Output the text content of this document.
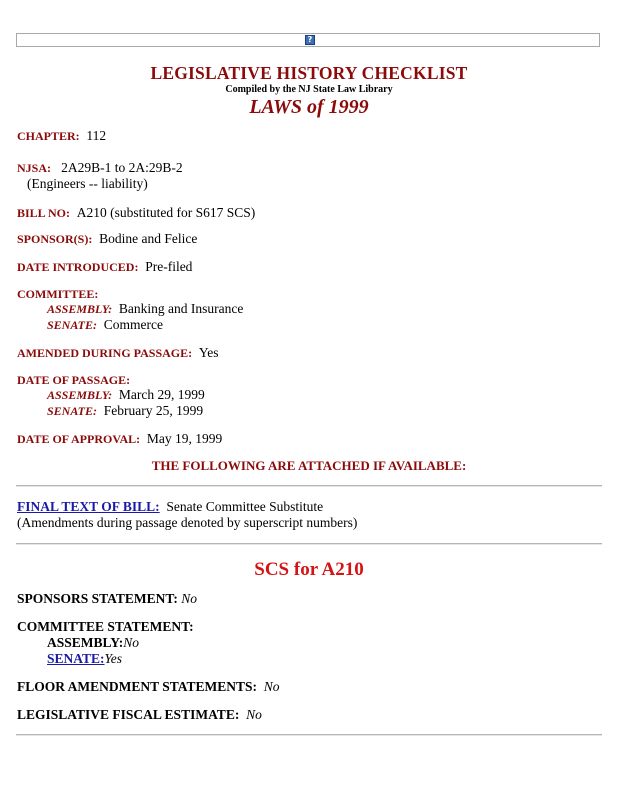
?
LEGISLATIVE HISTORY CHECKLIST
Compiled by the NJ State Law Library
LAWS of 1999
CHAPTER: 112
NJSA: 2A29B-1 to 2A:29B-2
(Engineers -- liability)
BILL NO: A210 (substituted for S617 SCS)
SPONSOR(S): Bodine and Felice
DATE INTRODUCED: Pre-filed
COMMITTEE:
ASSEMBLY: Banking and Insurance
SENATE: Commerce
AMENDED DURING PASSAGE: Yes
DATE OF PASSAGE:
ASSEMBLY: March 29, 1999
SENATE: February 25, 1999
DATE OF APPROVAL: May 19, 1999
THE FOLLOWING ARE ATTACHED IF AVAILABLE:
FINAL TEXT OF BILL: Senate Committee Substitute
(Amendments during passage denoted by superscript numbers)
SCS for A210
SPONSORS STATEMENT: No
COMMITTEE STATEMENT:
ASSEMBLY:No
SENATE:Yes
FLOOR AMENDMENT STATEMENTS: No
LEGISLATIVE FISCAL ESTIMATE: No
